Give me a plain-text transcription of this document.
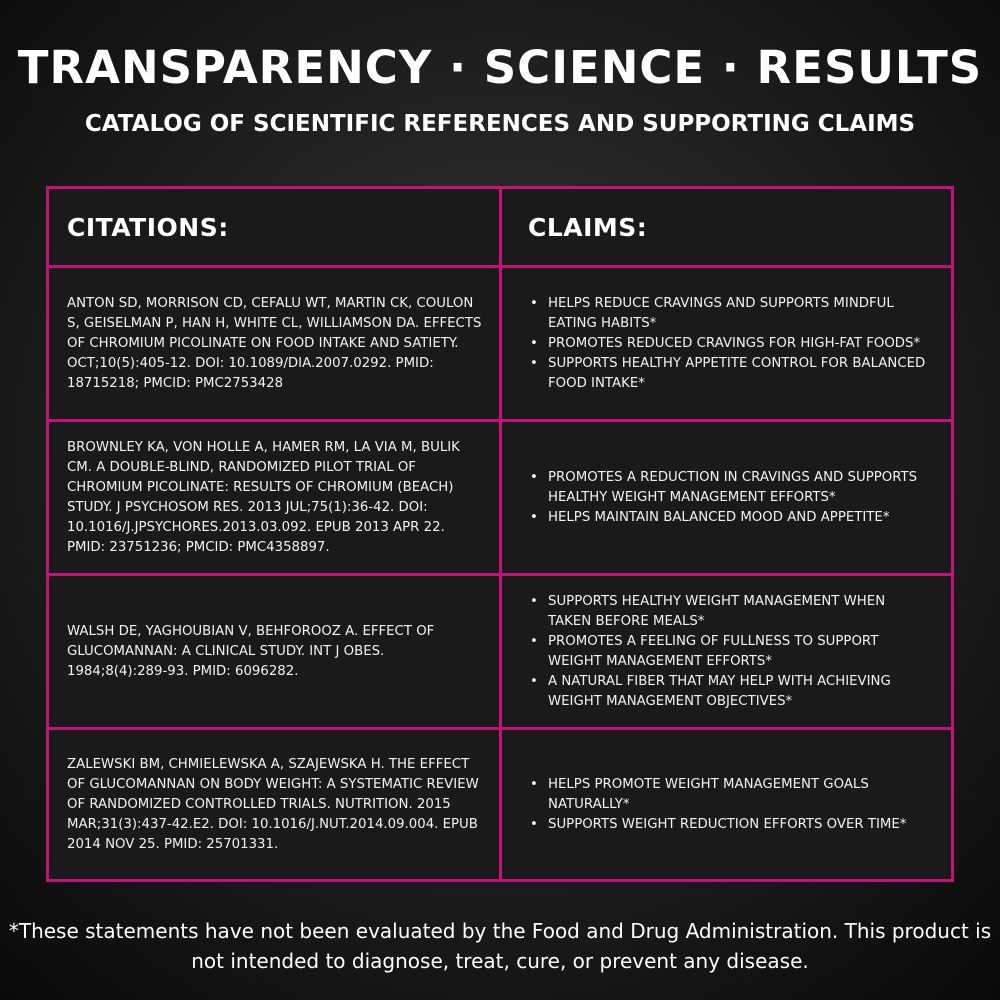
TRANSPARENCY · SCIENCE · RESULTS
CATALOG OF SCIENTIFIC REFERENCES AND SUPPORTING CLAIMS
CITATIONS:	CLAIMS:
ANTON SD, MORRISON CD, CEFALU WT, MARTIN CK, COULON S, GEISELMAN P, HAN H, WHITE CL, WILLIAMSON DA. EFFECTS OF CHROMIUM PICOLINATE ON FOOD INTAKE AND SATIETY. OCT;10(5):405-12. DOI: 10.1089/DIA.2007.0292. PMID: 18715218; PMCID: PMC2753428
• HELPS REDUCE CRAVINGS AND SUPPORTS MINDFUL EATING HABITS*
• PROMOTES REDUCED CRAVINGS FOR HIGH-FAT FOODS*
• SUPPORTS HEALTHY APPETITE CONTROL FOR BALANCED FOOD INTAKE*
BROWNLEY KA, VON HOLLE A, HAMER RM, LA VIA M, BULIK CM. A DOUBLE-BLIND, RANDOMIZED PILOT TRIAL OF CHROMIUM PICOLINATE: RESULTS OF CHROMIUM (BEACH) STUDY. J PSYCHOSOM RES. 2013 JUL;75(1):36-42. DOI: 10.1016/J.JPSYCHORES.2013.03.092. EPUB 2013 APR 22. PMID: 23751236; PMCID: PMC4358897.
• PROMOTES A REDUCTION IN CRAVINGS AND SUPPORTS HEALTHY WEIGHT MANAGEMENT EFFORTS*
• HELPS MAINTAIN BALANCED MOOD AND APPETITE*
WALSH DE, YAGHOUBIAN V, BEHFOROOZ A. EFFECT OF GLUCOMANNAN: A CLINICAL STUDY. INT J OBES. 1984;8(4):289-93. PMID: 6096282.
• SUPPORTS HEALTHY WEIGHT MANAGEMENT WHEN TAKEN BEFORE MEALS*
• PROMOTES A FEELING OF FULLNESS TO SUPPORT WEIGHT MANAGEMENT EFFORTS*
• A NATURAL FIBER THAT MAY HELP WITH ACHIEVING WEIGHT MANAGEMENT OBJECTIVES*
ZALEWSKI BM, CHMIELEWSKA A, SZAJEWSKA H. THE EFFECT OF GLUCOMANNAN ON BODY WEIGHT: A SYSTEMATIC REVIEW OF RANDOMIZED CONTROLLED TRIALS. NUTRITION. 2015 MAR;31(3):437-42.E2. DOI: 10.1016/J.NUT.2014.09.004. EPUB 2014 NOV 25. PMID: 25701331.
• HELPS PROMOTE WEIGHT MANAGEMENT GOALS NATURALLY*
• SUPPORTS WEIGHT REDUCTION EFFORTS OVER TIME*

*These statements have not been evaluated by the Food and Drug Administration. This product is not intended to diagnose, treat, cure, or prevent any disease.
